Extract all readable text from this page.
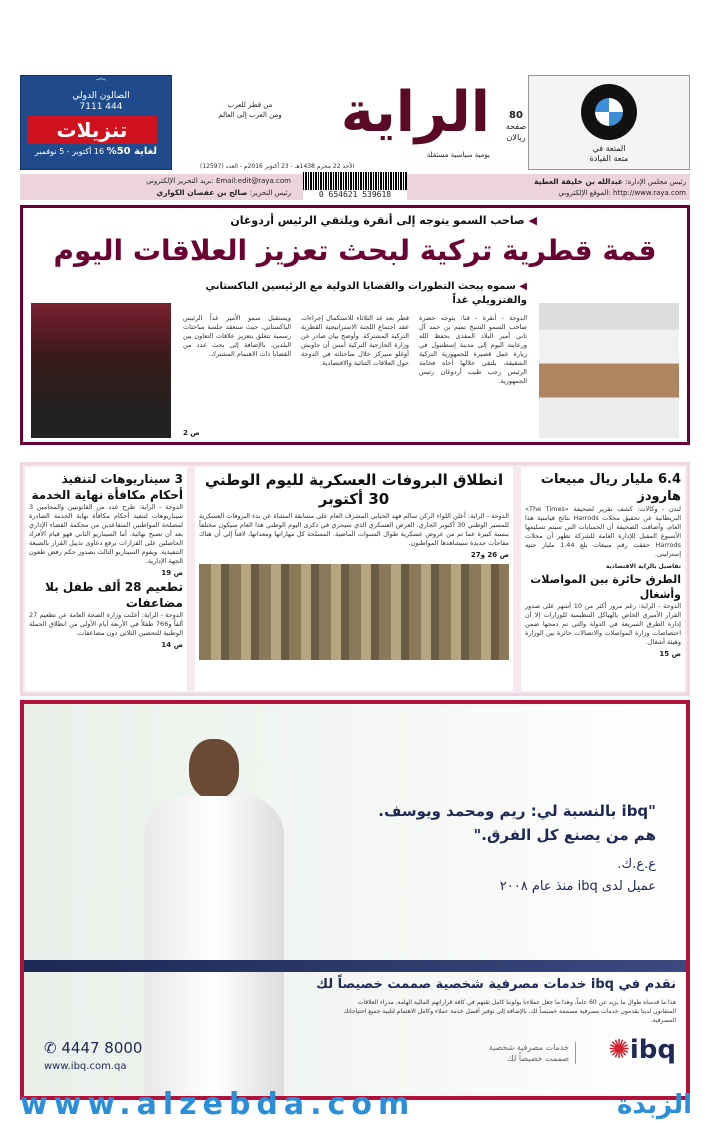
⌒
الصالون الدولي
444 7111
تنزيلات
لغاية 50% 16 أكتوبر - 5 نوفمبر
الراية
من قطر للعرب
ومن العرب إلى العالم
يومية سياسية مستقلة
الأحد 22 محرم 1438هـ - 23 أكتوبر 2016م - العدد (12597)
80
صفحة
ريالان
المتعة في
متعة القيادة
رئيس مجلس الإدارة: عبدالله بن خليفة العطية
http://www.raya.com :الموقع الإلكتروني
Email:edit@raya.com :بريد التحرير الإلكتروني
رئيس التحرير: صالح بن عفصان الكواري	0 654621 539618
◀ صاحب السمو يتوجه إلى أنقرة ويلتقي الرئيس أردوغان
قمة قطرية تركية لبحث تعزيز العلاقات اليوم
◀ سموه يبحث التطورات والقضايا الدولية مع الرئيسين الباكستاني والفنزويلي غداً
الدوحة - أنقرة - قنا: يتوجه حضرة صاحب السمو الشيخ تميم بن حمد آل ثاني أمير البلاد المفدى بحفظ الله ورعايته اليوم إلى مدينة إسطنبول في زيارة عمل قصيرة للجمهورية التركية الشقيقة، يلتقي خلالها أخاه فخامة الرئيس رجب طيب أردوغان رئيس الجمهورية.
قطر بعد غد الثلاثاء للاستكمال إجراءات عقد اجتماع اللجنة الاستراتيجية القطرية التركية المشتركة. وأوضح بيان صادر عن وزارة الخارجية التركية أمس أن جاويش أوغلو سيركز خلال مباحثاته في الدوحة حول العلاقات الثنائية والاقتصادية.
ويستقبل سمو الأمير غداً الرئيس الباكستاني، حيث ستعقد جلسة مباحثات رسمية تتعلق بتعزيز علاقات التعاون بين البلدين، بالإضافة إلى بحث عدد من القضايا ذات الاهتمام المشترك.
ص 2
6.4 مليار ريال مبيعات هارودز
لندن - وكالات: كشف تقرير لصحيفة «The Times» البريطانية عن تحقيق محلات Harrods نتائج قياسية هذا العام، وأضافت الصحيفة أن الحسابات التي سيتم تسليمها الأسبوع المقبل للإدارة العامة للشركة تظهر أن محلات Harrods حققت رقم مبيعات بلغ 1.44 مليار جنيه إسترليني.
تفاصيل بالراية الاقتصادية
الطرق حائرة بين المواصلات وأشغال
الدوحة - الراية: رغم مرور أكثر من 10 أشهر على صدور القرار الأميري الخاص بالهياكل التنظيمية للوزارات إلا أن إدارة الطرق السريعة في الدولة والتي تم دمجها ضمن اختصاصات وزارة المواصلات والاتصالات حائرة بين الوزارة وهيئة أشغال.
ص 15
انطلاق البروفات العسكرية لليوم الوطني 30 أكتوبر
الدوحة - الراية: أعلن اللواء الركن سالم فهد الحبابي المشرف العام على مسابقة المشاة عن بدء البروفات العسكرية للمسير الوطني 30 أكتوبر الجاري. العرض العسكري الذي سيجري في ذكرى اليوم الوطني هذا العام سيكون مختلفاً بنسبة كبيرة عما تم من عروض عسكرية طوال السنوات الماضية. المسلحة كل مهاراتها ومعداتها، لافتاً إلى أن هناك مفاجآت جديدة سيشاهدها المواطنون.
ص 26 و27
3 سيناريوهات لتنفيذ أحكام مكافأة نهاية الخدمة
الدوحة - الراية: طرح عدد من القانونيين والمحامين 3 سيناريوهات لتنفيذ أحكام مكافأة نهاية الخدمة الصادرة لمصلحة المواطنين المتقاعدين من محكمة القضاء الإداري بعد أن تصبح نهائية. أما السيناريو الثاني فهو قيام الأفراد الحاصلين على القرارات برفع دعاوى تذييل القرار بالصيغة التنفيذية. ويقوم السيناريو الثالث بصدور حكم رفض طعون الجهة الإدارية.
ص 19
تطعيم 28 ألف طفل بلا مضاعفات
الدوحة - الراية: أعلنت وزارة الصحة العامة عن تطعيم 27 ألفاً و766 طفلاً في الأربعة أيام الأولى من انطلاق الحملة الوطنية للتحصين الثلاثي دون مضاعفات.
ص 14
"ibq بالنسبة لي: ريم ومحمد ويوسف.
هم من يصنع كل الفرق."
ع.ع.ك.
عميل لدى ibq منذ عام ٢٠٠٨
نقدم في ibq خدمات مصرفية شخصية صممت خصيصاً لك
هذا ما قدمناه طوال ما يزيد عن 60 عاماً، وهذا ما جعل عملاءنا يولوننا كامل ثقتهم في كافة قراراتهم المالية الهامة. مدراء العلاقات المتفانون لدينا يقدمون خدمات مصرفية مصممة خصيصاً لك، بالإضافة إلى توفير أفضل خدمة عملاء وكامل الاهتمام لتلبية جميع احتياجاتك المصرفية.
✆ 4447 8000
www.ibq.com.qa
✺ibq
خدمات مصرفية شخصية
صممت خصيصاً لك
www.alzebda.com	الزبدة
